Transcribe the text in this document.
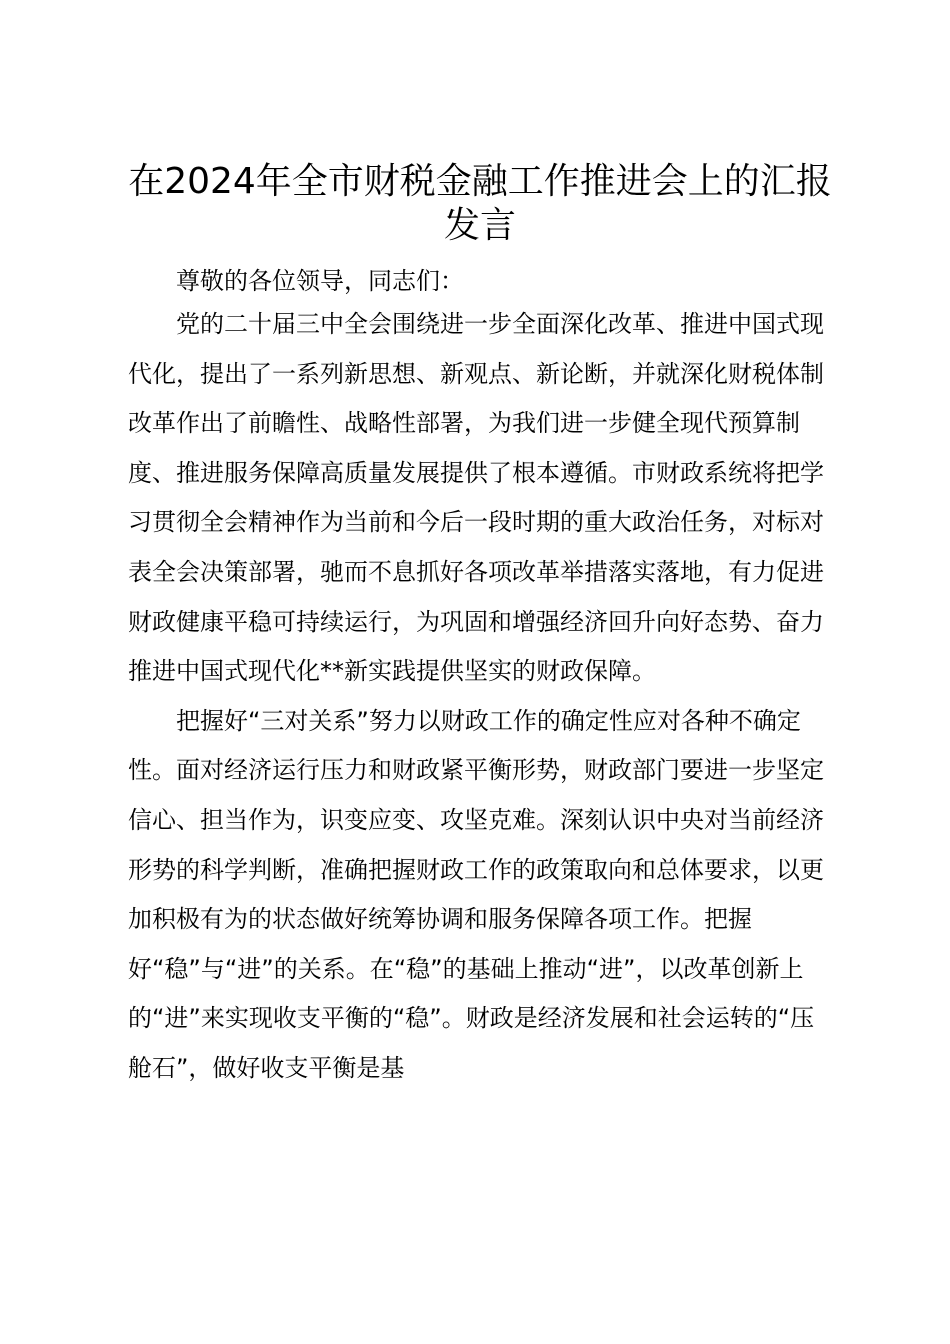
在2024年全市财税金融工作推进会上的汇报
发言

尊敬的各位领导，同志们：

党的二十届三中全会围绕进一步全面深化改革、推进中国式现代化，提出了一系列新思想、新观点、新论断，并就深化财税体制改革作出了前瞻性、战略性部署，为我们进一步健全现代预算制度、推进服务保障高质量发展提供了根本遵循。市财政系统将把学习贯彻全会精神作为当前和今后一段时期的重大政治任务，对标对表全会决策部署，驰而不息抓好各项改革举措落实落地，有力促进财政健康平稳可持续运行，为巩固和增强经济回升向好态势、奋力推进中国式现代化**新实践提供坚实的财政保障。

把握好“三对关系”努力以财政工作的确定性应对各种不确定性。面对经济运行压力和财政紧平衡形势，财政部门要进一步坚定信心、担当作为，识变应变、攻坚克难。深刻认识中央对当前经济形势的科学判断，准确把握财政工作的政策取向和总体要求，以更加积极有为的状态做好统筹协调和服务保障各项工作。把握好“稳”与“进”的关系。在“稳”的基础上推动“进”，以改革创新上的“进”来实现收支平衡的“稳”。财政是经济发展和社会运转的“压舱石”，做好收支平衡是基
